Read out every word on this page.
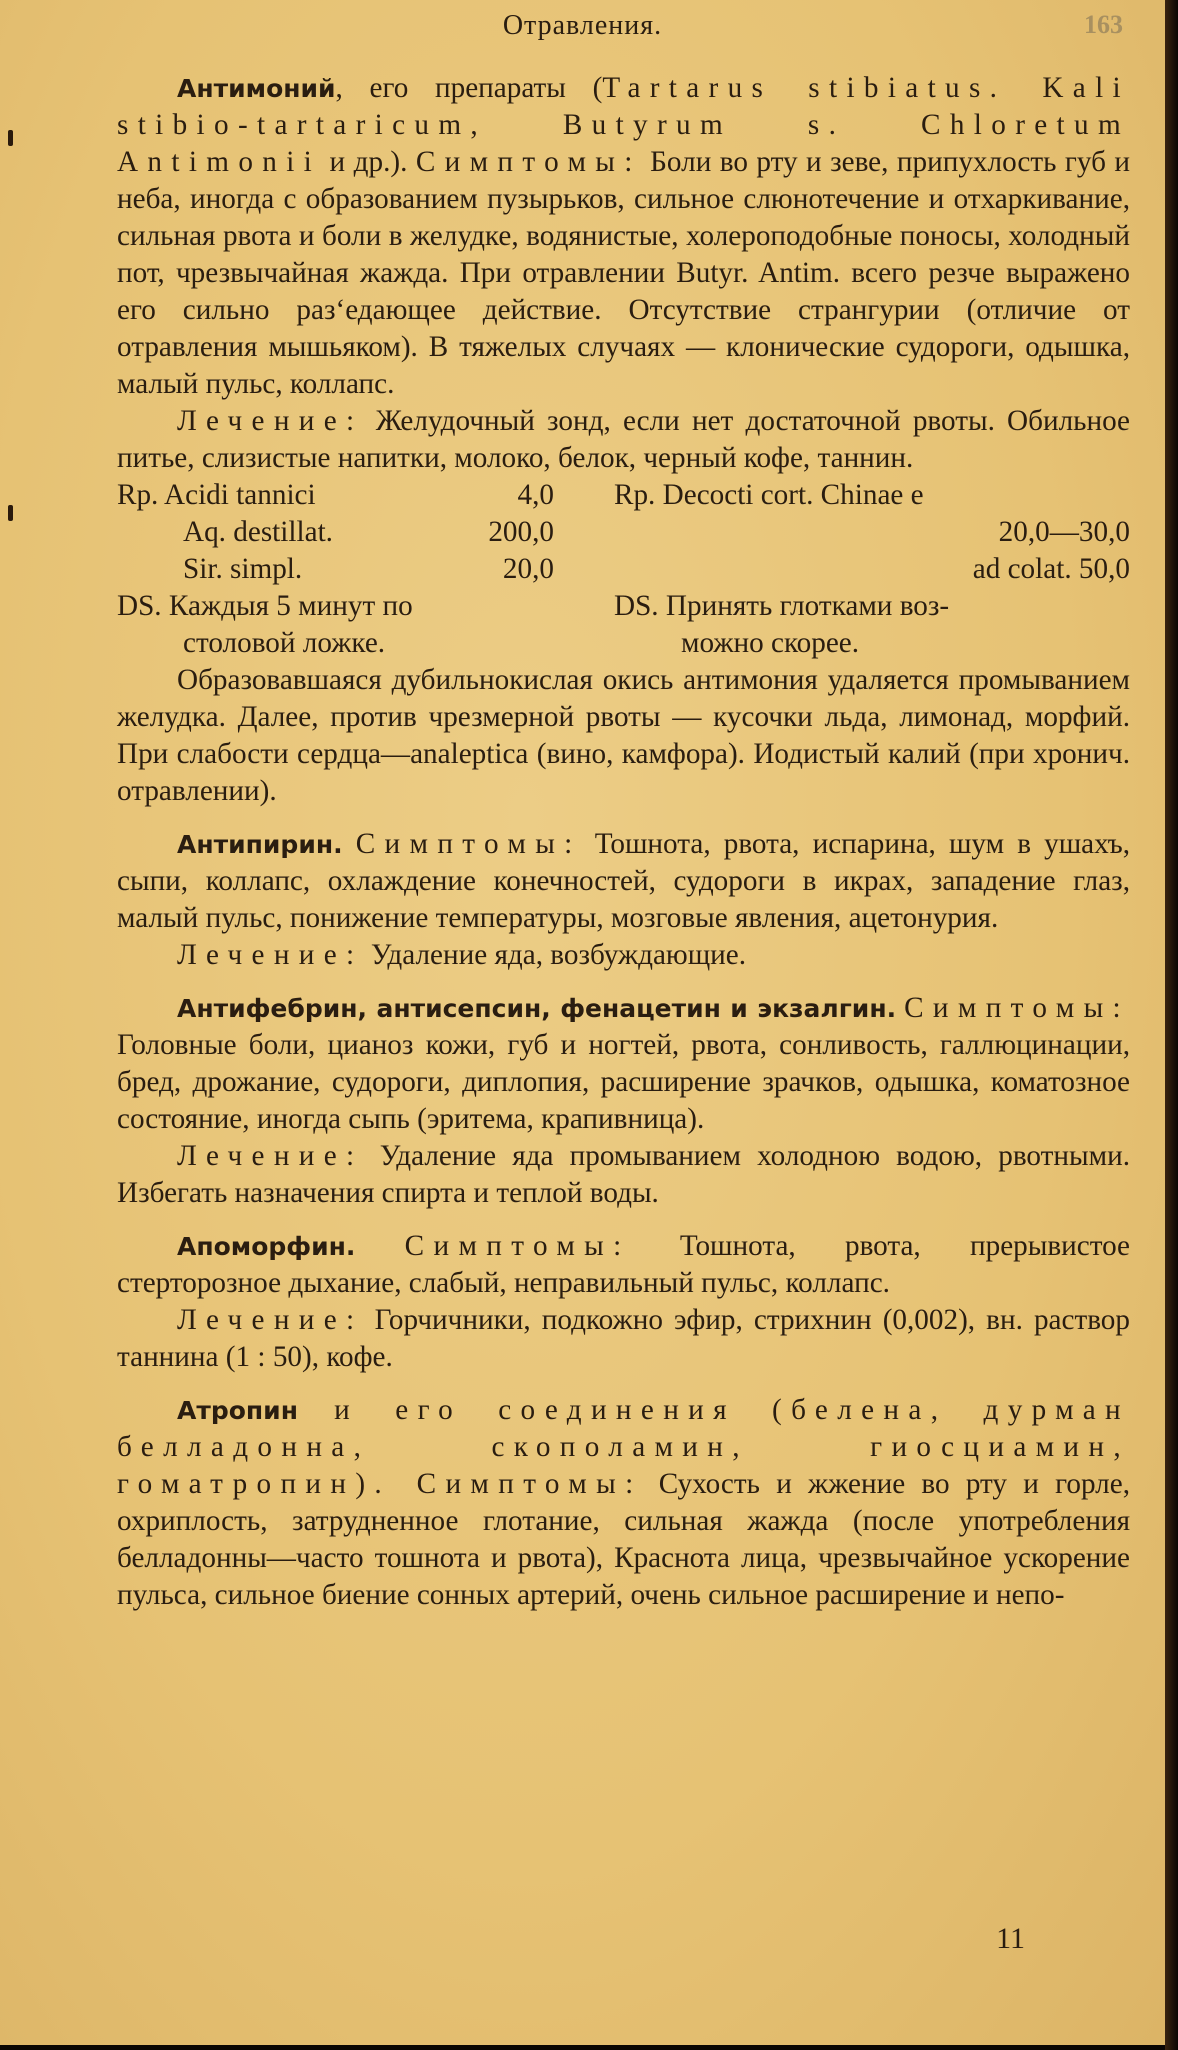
Отравления.	163

Антимоний, его препараты (Tartarus stibiatus. Kali stibio-tartaricum, Butyrum s. Chloretum Antimonii и др.). Симптомы: Боли во рту и зеве, припухлость губ и неба, иногда с образованием пузырьков, сильное слюнотечение и отхаркивание, сильная рвота и боли в желудке, водянистые, холероподобные поносы, холодный пот, чрезвычайная жажда. При отравлении Butyr. Antim. всего резче выражено его сильно раз‘едающее действие. Отсутствие странгурии (отличие от отравления мышьяком). В тяжелых случаях — клонические судороги, одышка, малый пульс, коллапс.

Лечение: Желудочный зонд, если нет достаточной рвоты. Обильное питье, слизистые напитки, молоко, белок, черный кофе, таннин.

Rp. Acidi tannici	4,0
Aq. destillat.	200,0
Sir. simpl.	20,0
DS. Каждыя 5 минут по
столовой ложке.
Rp. Decocti cort. Chinae e
20,0—30,0
ad colat. 50,0
DS. Принять глотками воз-
можно скорее.

Образовавшаяся дубильнокислая окись антимония удаляется промыванием желудка. Далее, против чрезмерной рвоты — кусочки льда, лимонад, морфий. При слабости сердца—analeptica (вино, камфора). Иодистый калий (при хронич. отравлении).

Антипирин. Симптомы: Тошнота, рвота, испарина, шум в ушахъ, сыпи, коллапс, охлаждение конечностей, судороги в икрах, западение глаз, малый пульс, понижение температуры, мозговые явления, ацетонурия.

Лечение: Удаление яда, возбуждающие.

Антифебрин, антисепсин, фенацетин и экзалгин. Симптомы: Головные боли, цианоз кожи, губ и ногтей, рвота, сонливость, галлюцинации, бред, дрожание, судороги, диплопия, расширение зрачков, одышка, коматозное состояние, иногда сыпь (эритема, крапивница).

Лечение: Удаление яда промыванием холодною водою, рвотными. Избегать назначения спирта и теплой воды.

Апоморфин. Симптомы: Тошнота, рвота, прерывистое стерторозное дыхание, слабый, неправильный пульс, коллапс.

Лечение: Горчичники, подкожно эфир, стрихнин (0,002), вн. раствор таннина (1 : 50), кофе.

Атропин и его соединения (белена, дурман белладонна, скополамин, гиосциамин, гоматропин). Симптомы: Сухость и жжение во рту и горле, охриплость, затрудненное глотание, сильная жажда (после употребления белладонны—часто тошнота и рвота), Краснота лица, чрезвычайное ускорение пульса, сильное биение сонных артерий, очень сильное расширение и непо-

11
